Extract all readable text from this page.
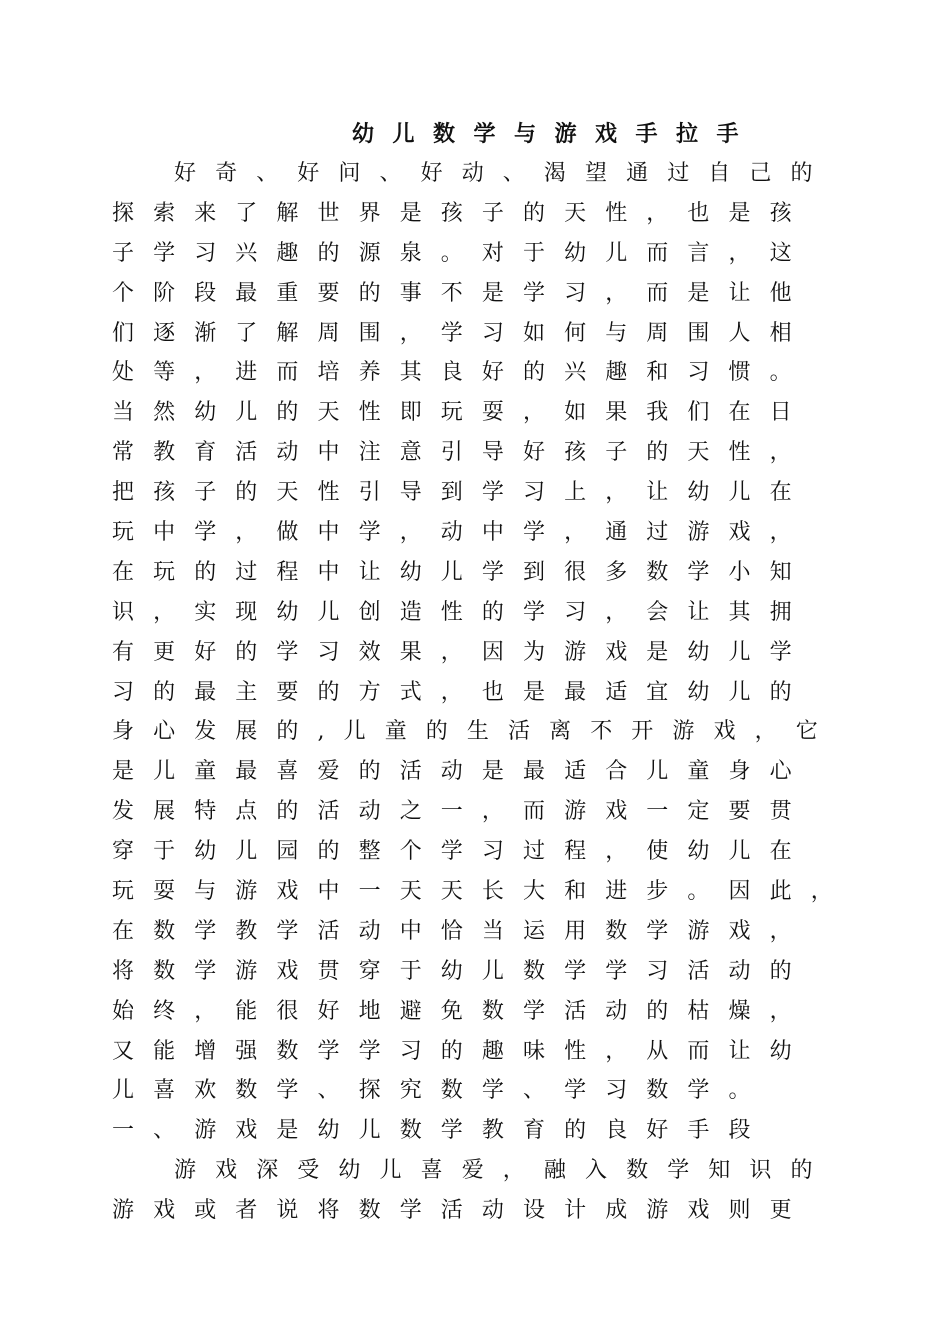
幼儿数学与游戏手拉手
好奇、好问、好动、渴望通过自己的
探索来了解世界是孩子的天性，也是孩
子学习兴趣的源泉。对于幼儿而言，这
个阶段最重要的事不是学习，而是让他
们逐渐了解周围，学习如何与周围人相
处等，进而培养其良好的兴趣和习惯。
当然幼儿的天性即玩耍，如果我们在日
常教育活动中注意引导好孩子的天性，
把孩子的天性引导到学习上，让幼儿在
玩中学，做中学，动中学，通过游戏，
在玩的过程中让幼儿学到很多数学小知
识，实现幼儿创造性的学习，会让其拥
有更好的学习效果，因为游戏是幼儿学
习的最主要的方式，也是最适宜幼儿的
身心发展的,儿童的生活离不开游戏，它
是儿童最喜爱的活动是最适合儿童身心
发展特点的活动之一，而游戏一定要贯
穿于幼儿园的整个学习过程，使幼儿在
玩耍与游戏中一天天长大和进步。因此，
在数学教学活动中恰当运用数学游戏，
将数学游戏贯穿于幼儿数学学习活动的
始终，能很好地避免数学活动的枯燥，
又能增强数学学习的趣味性，从而让幼
儿喜欢数学、探究数学、学习数学。
一、游戏是幼儿数学教育的良好手段
游戏深受幼儿喜爱，融入数学知识的
游戏或者说将数学活动设计成游戏则更
